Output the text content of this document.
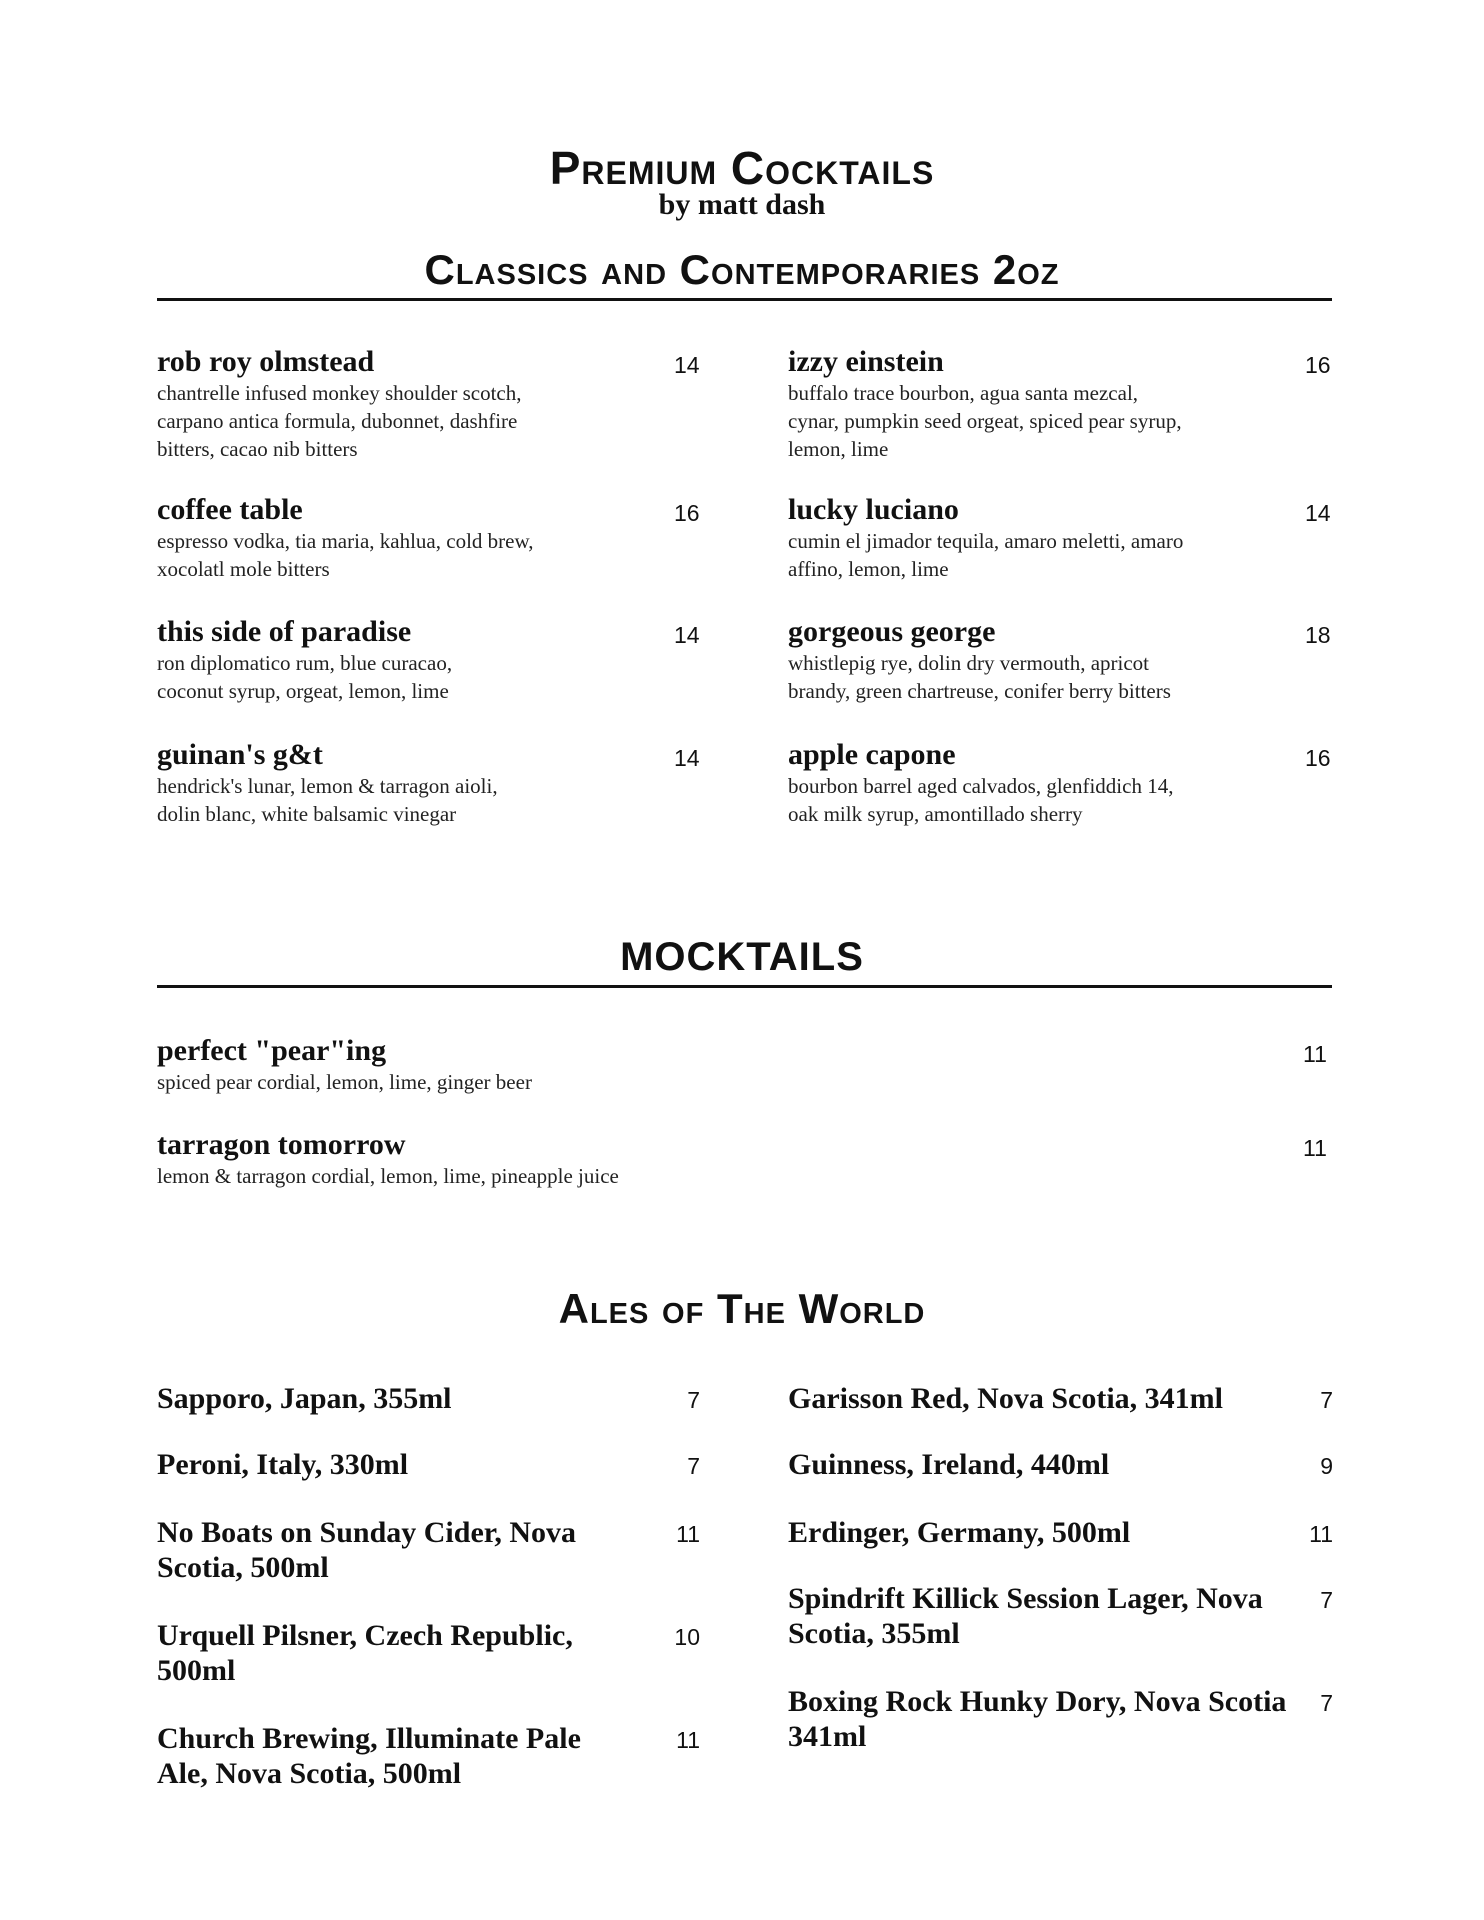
Premium Cocktails
by matt dash
Classics and Contemporaries 2oz
rob roy olmstead
chantrelle infused monkey shoulder scotch,
carpano antica formula, dubonnet, dashfire
bitters, cacao nib bitters
14
coffee table
espresso vodka, tia maria, kahlua, cold brew,
xocolatl mole bitters
16
this side of paradise
ron diplomatico rum, blue curacao,
coconut syrup, orgeat, lemon, lime
14
guinan's g&t
hendrick's lunar, lemon & tarragon aioli,
dolin blanc, white balsamic vinegar
14
izzy einstein
buffalo trace bourbon, agua santa mezcal,
cynar, pumpkin seed orgeat, spiced pear syrup,
lemon, lime
16
lucky luciano
cumin el jimador tequila, amaro meletti, amaro
affino, lemon, lime
14
gorgeous george
whistlepig rye, dolin dry vermouth, apricot
brandy, green chartreuse, conifer berry bitters
18
apple capone
bourbon barrel aged calvados, glenfiddich 14,
oak milk syrup, amontillado sherry
16
MOCKTAILS
perfect "pear"ing
spiced pear cordial, lemon, lime, ginger beer
11
tarragon tomorrow
lemon & tarragon cordial, lemon, lime, pineapple juice
11
Ales of The World
Sapporo, Japan, 355ml	7
Peroni, Italy, 330ml	7
No Boats on Sunday Cider, Nova Scotia, 500ml
11
Urquell Pilsner, Czech Republic, 500ml
10
Church Brewing, Illuminate Pale Ale, Nova Scotia, 500ml
11
Garisson Red, Nova Scotia, 341ml	7
Guinness, Ireland, 440ml	9
Erdinger, Germany, 500ml	11
Spindrift Killick Session Lager, Nova Scotia, 355ml
7
Boxing Rock Hunky Dory, Nova Scotia 341ml
7
